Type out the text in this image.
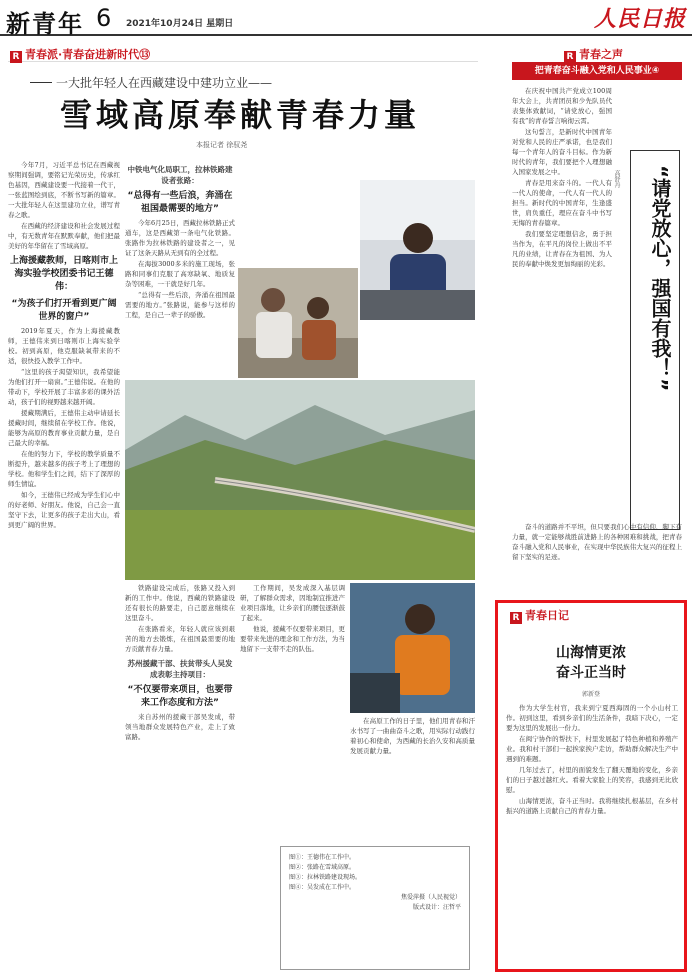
新青年 6 2021年10月24日 星期日	人民日报
R 青春派·青春奋进新时代⑬
一大批年轻人在西藏建设中建功立业——
雪域高原奉献青春力量
本报记者 徐驭尧

今年7月，习近平总书记在西藏视察期间强调，要铭记光荣历史，传承红色基因，西藏建设要一代接着一代干，一张蓝图绘到底，不断书写新的篇章。一大批年轻人在这里建功立业，谱写青春之歌。

在西藏的经济建设和社会发展过程中，有无数青年在默默奉献，他们把最美好的年华留在了雪域高原。

上海援藏教师，日喀则市上海实验学校团委书记王德伟：
“为孩子们打开看到更广阔世界的窗户”

2019年夏天，作为上海援藏教师，王德伟来到日喀则市上海实验学校。初到高原，他克服缺氧带来的不适，很快投入教学工作中。

“这里的孩子渴望知识，我希望能为他们打开一扇窗。”王德伟说。在他的带动下，学校开展了丰富多彩的课外活动，孩子们的视野越来越开阔。

援藏期满后，王德伟主动申请延长援藏时间，继续留在学校工作。他说，能够为高原的教育事业贡献力量，是自己最大的幸福。

在他的努力下，学校的教学质量不断提升，越来越多的孩子考上了理想的学校。他和学生们之间，结下了深厚的师生情谊。

如今，王德伟已经成为学生们心中的好老师、好朋友。他说，自己会一直坚守下去，让更多的孩子走出大山，看到更广阔的世界。

中铁电气化局职工，拉林铁路建设者张路：
“总得有一些后浪，奔涌在祖国最需要的地方”

今年6月25日，西藏拉林铁路正式通车，这是西藏第一条电气化铁路。张路作为拉林铁路的建设者之一，见证了这条天路从无到有的全过程。

在海拔3000多米的施工现场，张路和同事们克服了高寒缺氧、地质复杂等困难，一干就是好几年。

“总得有一些后浪，奔涌在祖国最需要的地方。”张路说，能参与这样的工程，是自己一辈子的骄傲。

铁路建设完成后，张路又投入到新的工作中。他说，西藏的铁路建设还有很长的路要走，自己愿意继续在这里奋斗。

在张路看来，年轻人就应该到艰苦的地方去锻炼，在祖国最需要的地方贡献青春力量。

苏州援藏干部、扶贫带头人吴发成表彰主持项目：
“不仅要带来项目，也要带来工作态度和方法”

来自苏州的援藏干部吴发成，带领当地群众发展特色产业，走上了致富路。

工作期间，吴发成深入基层调研，了解群众需求，因地制宜推进产业项目落地，让乡亲们的腰包逐渐鼓了起来。

他说，援藏不仅要带来项目，更要带来先进的理念和工作方法，为当地留下一支带不走的队伍。

在高原工作的日子里，他们用青春和汗水书写了一曲曲奋斗之歌，用实际行动践行着初心和使命，为西藏的长治久安和高质量发展贡献力量。

图①：王德伟在工作中。
图②：张路在雪域高原。
图③：拉林铁路建设现场。
图④：吴发成在工作中。
焦爱萍摄（人民视觉）
版式设计：汪哲平
R 青春之声
把青春奋斗融入党和人民事业④

在庆祝中国共产党成立100周年大会上，共青团员和少先队员代表集体致献词，“请党放心，强国有我”的青春誓言响彻云霄。

这句誓言，是新时代中国青年对党和人民的庄严承诺，也是我们每一个青年人的奋斗目标。作为新时代的青年，我们要把个人理想融入国家发展之中。

青春是用来奋斗的。一代人有一代人的使命，一代人有一代人的担当。新时代的中国青年，生逢盛世，肩负重任，理应在奋斗中书写无悔的青春篇章。

我们要坚定理想信念，勇于担当作为，在平凡的岗位上做出不平凡的业绩，让青春在为祖国、为人民的奉献中焕发更加绚丽的光彩。	“请党放心，强国有我！”
高舒丹

奋斗的道路并不平坦，但只要我们心中有信仰、脚下有力量，就一定能够战胜前进路上的各种困难和挑战，把青春奋斗融入党和人民事业，在实现中华民族伟大复兴的征程上留下坚实的足迹。

R 青春日记
山海情更浓
奋斗正当时
郭新登

作为大学生村官，我来到宁夏西海固的一个小山村工作。初到这里，看到乡亲们的生活条件，我暗下决心，一定要为这里的发展出一份力。

在闽宁协作的帮扶下，村里发展起了特色种植和养殖产业。我和村干部们一起挨家挨户走访，帮助群众解决生产中遇到的难题。

几年过去了，村里的面貌发生了翻天覆地的变化，乡亲们的日子越过越红火。看着大家脸上的笑容，我感到无比欣慰。

山海情更浓，奋斗正当时。我将继续扎根基层，在乡村振兴的道路上贡献自己的青春力量。
